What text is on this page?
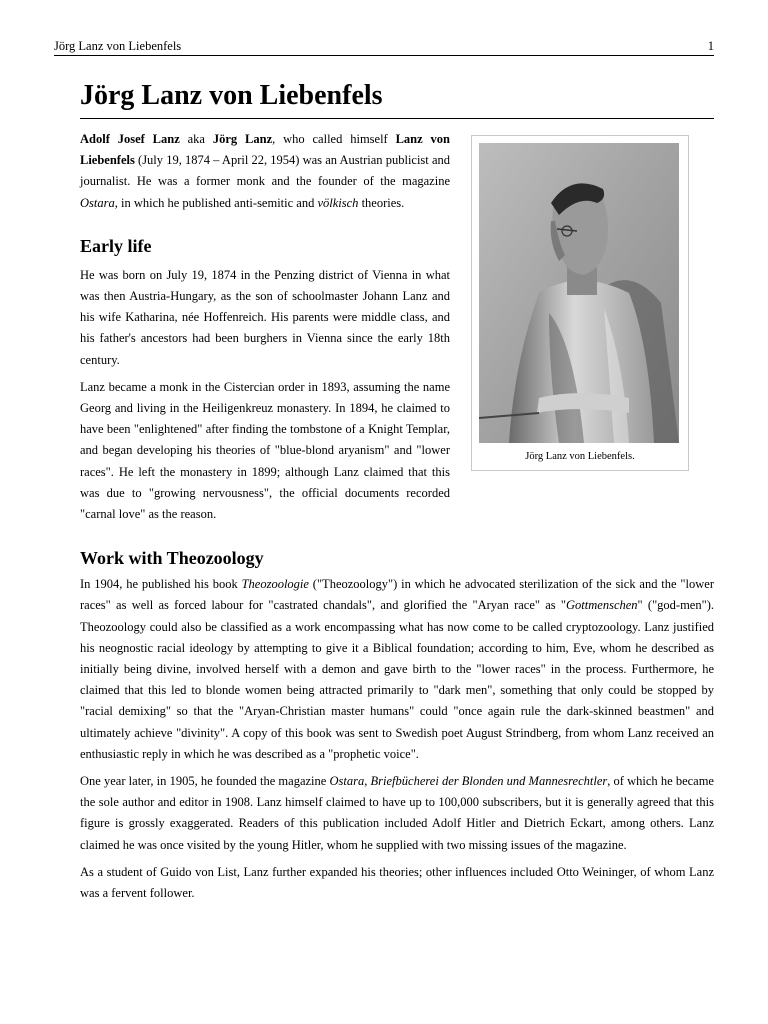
Jörg Lanz von Liebenfels	1
Jörg Lanz von Liebenfels

Adolf Josef Lanz aka Jörg Lanz, who called himself Lanz von Liebenfels (July 19, 1874 – April 22, 1954) was an Austrian publicist and journalist. He was a former monk and the founder of the magazine Ostara, in which he published anti-semitic and völkisch theories.

Early life

He was born on July 19, 1874 in the Penzing district of Vienna in what was then Austria-Hungary, as the son of schoolmaster Johann Lanz and his wife Katharina, née Hoffenreich. His parents were middle class, and his father's ancestors had been burghers in Vienna since the early 18th century.

Lanz became a monk in the Cistercian order in 1893, assuming the name Georg and living in the Heiligenkreuz monastery. In 1894, he claimed to have been "enlightened" after finding the tombstone of a Knight Templar, and began developing his theories of "blue-blond aryanism" and "lower races". He left the monastery in 1899; although Lanz claimed that this was due to "growing nervousness", the official documents recorded "carnal love" as the reason.

Work with Theozoology

In 1904, he published his book Theozoologie ("Theozoology") in which he advocated sterilization of the sick and the "lower races" as well as forced labour for "castrated chandals", and glorified the "Aryan race" as "Gottmenschen" ("god-men"). Theozoology could also be classified as a work encompassing what has now come to be called cryptozoology. Lanz justified his neognostic racial ideology by attempting to give it a Biblical foundation; according to him, Eve, whom he described as initially being divine, involved herself with a demon and gave birth to the "lower races" in the process. Furthermore, he claimed that this led to blonde women being attracted primarily to "dark men", something that only could be stopped by "racial demixing" so that the "Aryan-Christian master humans" could "once again rule the dark-skinned beastmen" and ultimately achieve "divinity". A copy of this book was sent to Swedish poet August Strindberg, from whom Lanz received an enthusiastic reply in which he was described as a "prophetic voice".

One year later, in 1905, he founded the magazine Ostara, Briefbücherei der Blonden und Mannesrechtler, of which he became the sole author and editor in 1908. Lanz himself claimed to have up to 100,000 subscribers, but it is generally agreed that this figure is grossly exaggerated. Readers of this publication included Adolf Hitler and Dietrich Eckart, among others. Lanz claimed he was once visited by the young Hitler, whom he supplied with two missing issues of the magazine.

As a student of Guido von List, Lanz further expanded his theories; other influences included Otto Weininger, of whom Lanz was a fervent follower.

Jörg Lanz von Liebenfels.
